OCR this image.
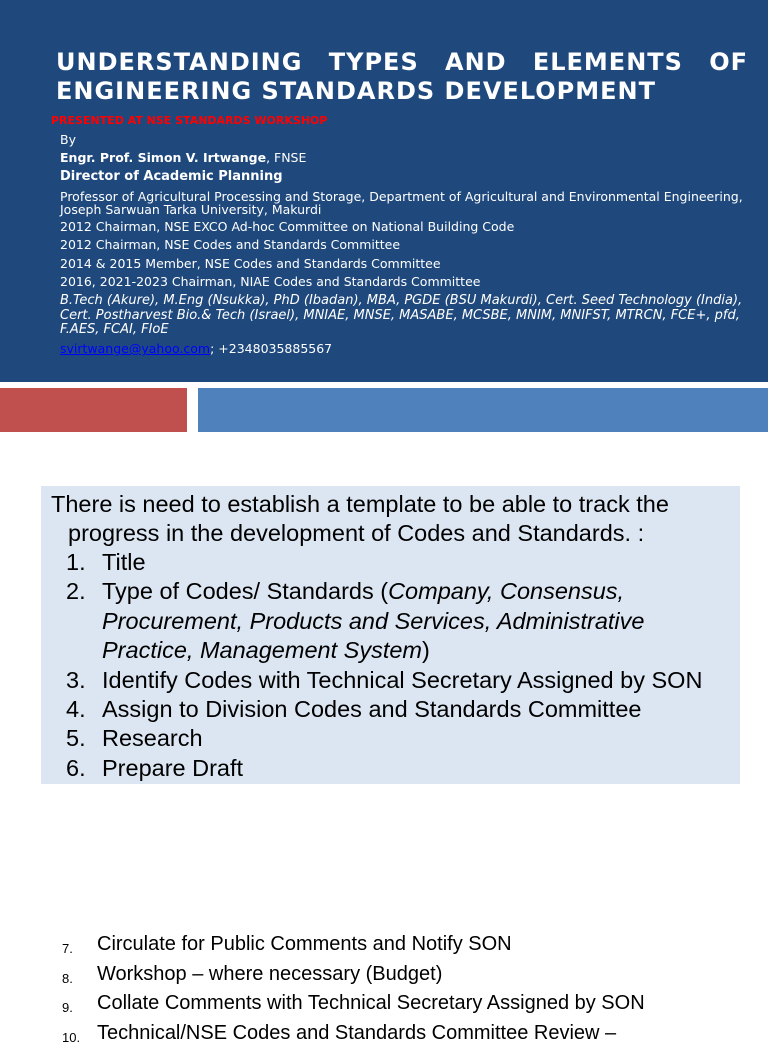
UNDERSTANDING TYPES AND ELEMENTS OF ENGINEERING STANDARDS DEVELOPMENT
PRESENTED AT NSE STANDARDS WORKSHOP
By
Engr. Prof. Simon V. Irtwange, FNSE
Director of Academic Planning
Professor of Agricultural Processing and Storage, Department of Agricultural and Environmental Engineering, Joseph Sarwuan Tarka University, Makurdi
2012 Chairman, NSE EXCO Ad-hoc Committee on National Building Code
2012 Chairman, NSE Codes and Standards Committee
2014 & 2015 Member, NSE Codes and Standards Committee
2016, 2021-2023 Chairman, NIAE Codes and Standards Committee
B.Tech (Akure), M.Eng (Nsukka), PhD (Ibadan), MBA, PGDE (BSU Makurdi), Cert. Seed Technology (India), Cert. Postharvest Bio.& Tech (Israel), MNIAE, MNSE, MASABE, MCSBE, MNIM, MNIFST, MTRCN, FCE+, pfd, F.AES, FCAI, FIoE
svirtwange@yahoo.com; +2348035885567
There is need to establish a template to be able to track the
progress in the development of Codes and Standards. :
1. Title
2. Type of Codes/ Standards (Company, Consensus, Procurement, Products and Services, Administrative Practice, Management System)
3. Identify Codes with Technical Secretary Assigned by SON
4. Assign to Division Codes and Standards Committee
5. Research
6. Prepare Draft
7.	Circulate for Public Comments and Notify SON
8.	Workshop – where necessary (Budget)
9.	Collate Comments with Technical Secretary Assigned by SON
10. Technical/NSE Codes and Standards Committee Review –
